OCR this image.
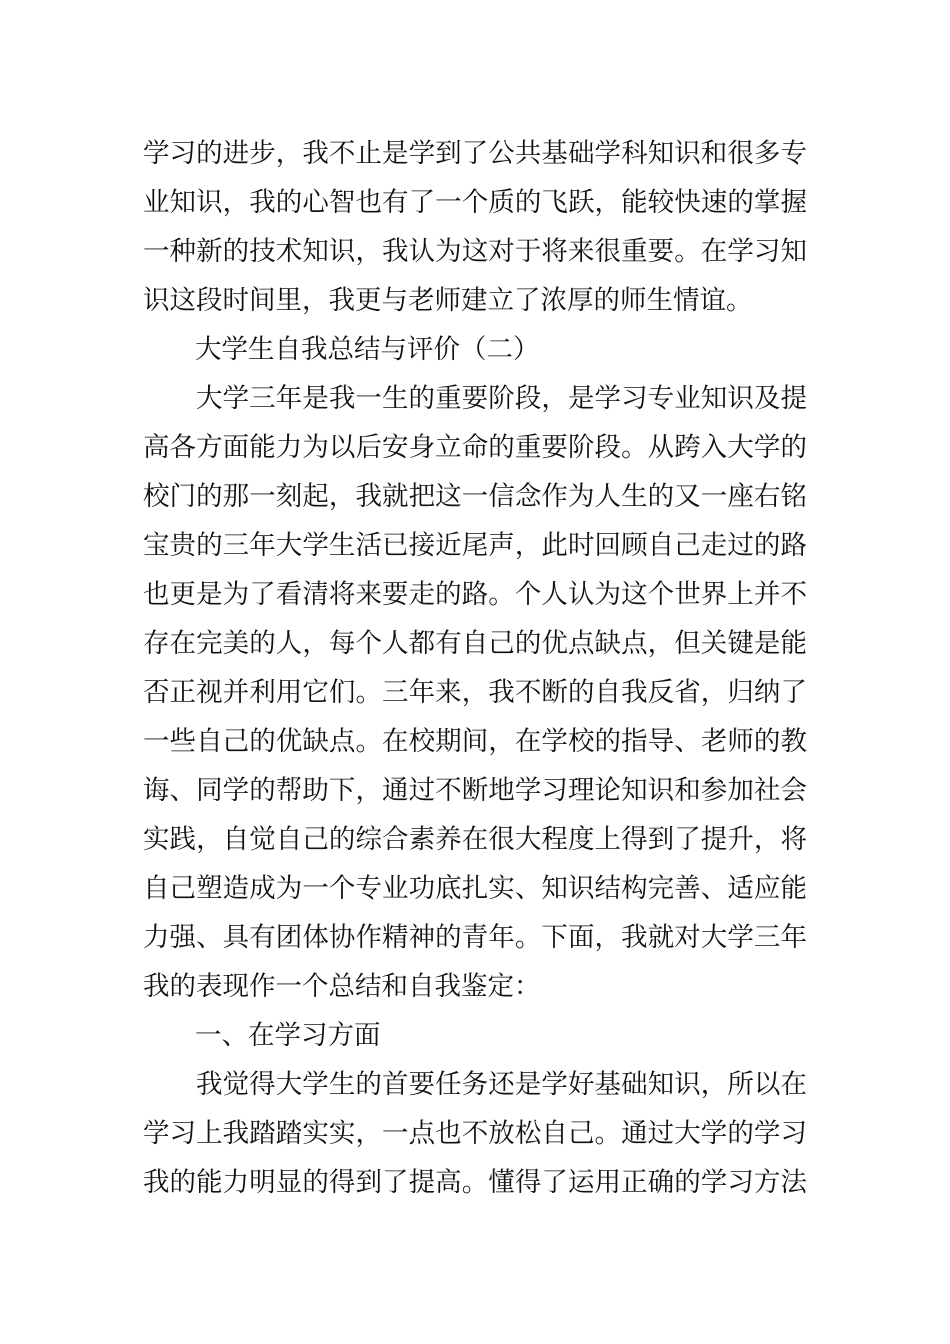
学习的进步，我不止是学到了公共基础学科知识和很多专
业知识，我的心智也有了一个质的飞跃，能较快速的掌握
一种新的技术知识，我认为这对于将来很重要。在学习知
识这段时间里，我更与老师建立了浓厚的师生情谊。
大学生自我总结与评价（二）
大学三年是我一生的重要阶段，是学习专业知识及提
高各方面能力为以后安身立命的重要阶段。从跨入大学的
校门的那一刻起，我就把这一信念作为人生的又一座右铭
宝贵的三年大学生活已接近尾声，此时回顾自己走过的路
也更是为了看清将来要走的路。个人认为这个世界上并不
存在完美的人，每个人都有自己的优点缺点，但关键是能
否正视并利用它们。三年来，我不断的自我反省，归纳了
一些自己的优缺点。在校期间，在学校的指导、老师的教
诲、同学的帮助下，通过不断地学习理论知识和参加社会
实践，自觉自己的综合素养在很大程度上得到了提升，将
自己塑造成为一个专业功底扎实、知识结构完善、适应能
力强、具有团体协作精神的青年。下面，我就对大学三年
我的表现作一个总结和自我鉴定：
一、在学习方面
我觉得大学生的首要任务还是学好基础知识，所以在
学习上我踏踏实实，一点也不放松自己。通过大学的学习
我的能力明显的得到了提高。懂得了运用正确的学习方法
